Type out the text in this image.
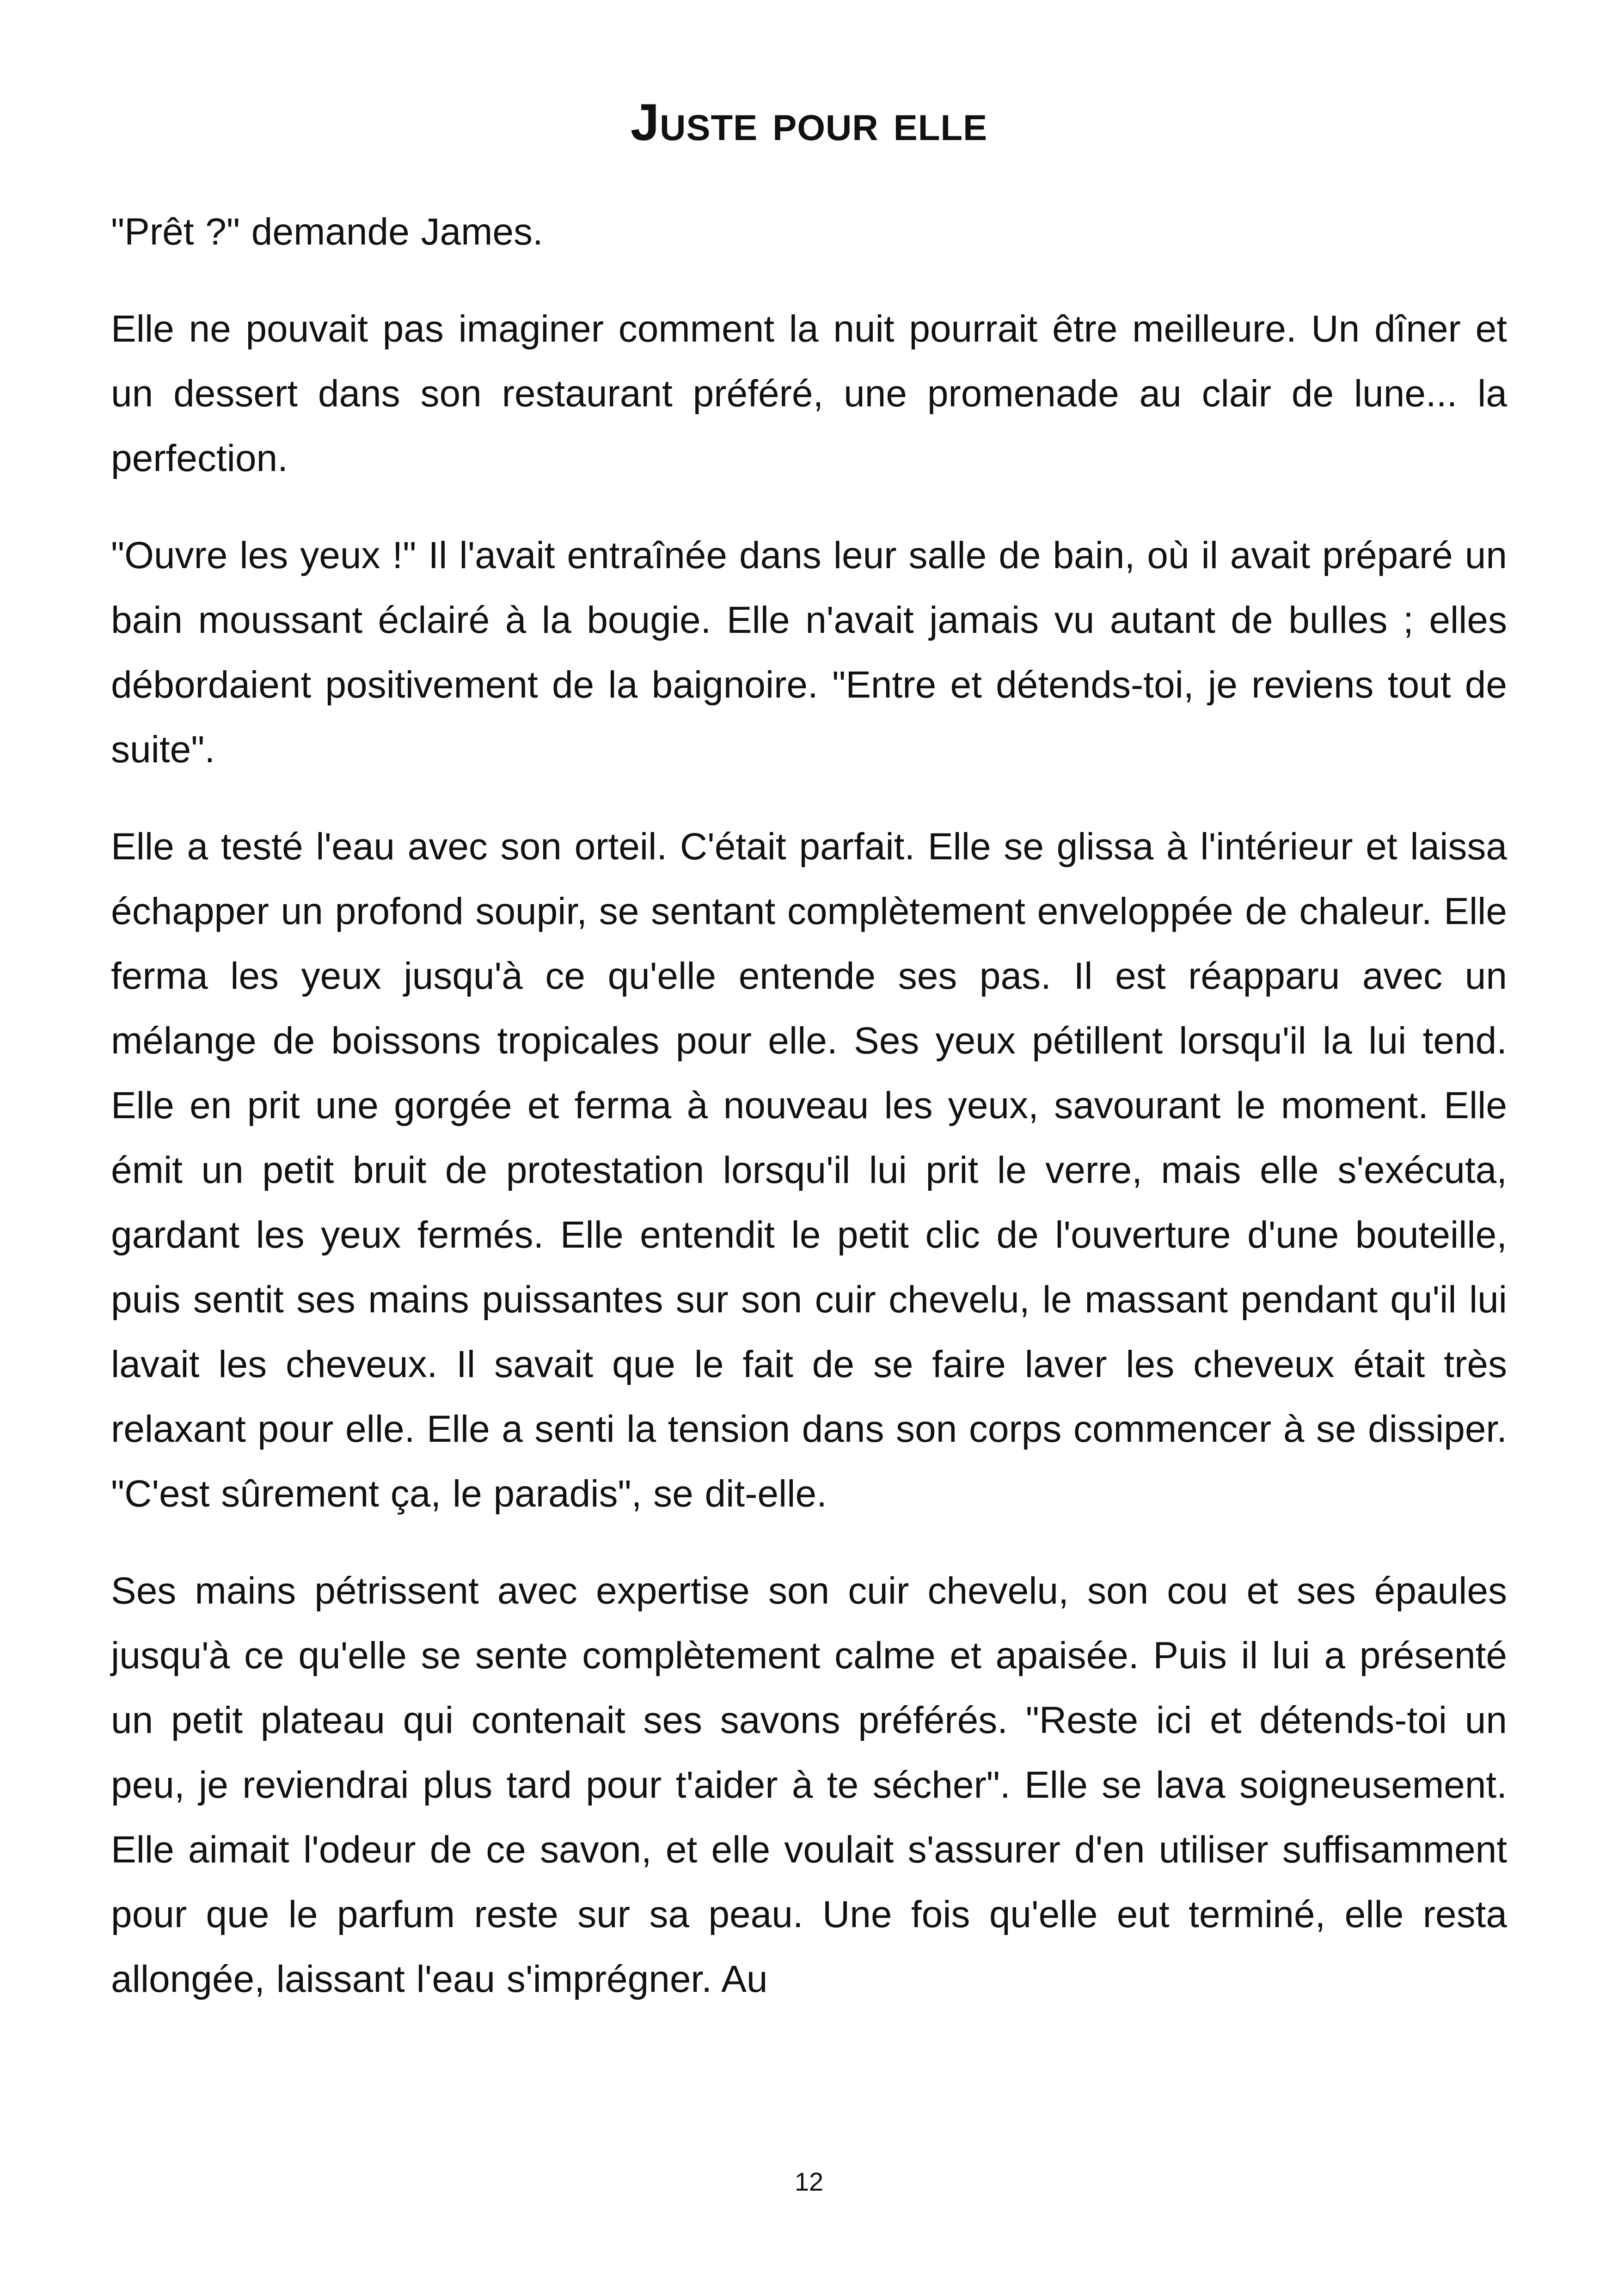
Juste pour elle

"Prêt ?" demande James.

Elle ne pouvait pas imaginer comment la nuit pourrait être meilleure. Un dîner et un dessert dans son restaurant préféré, une promenade au clair de lune... la perfection.

"Ouvre les yeux !" Il l'avait entraînée dans leur salle de bain, où il avait préparé un bain moussant éclairé à la bougie. Elle n'avait jamais vu autant de bulles ; elles débordaient positivement de la baignoire. "Entre et détends-toi, je reviens tout de suite".

Elle a testé l'eau avec son orteil. C'était parfait. Elle se glissa à l'intérieur et laissa échapper un profond soupir, se sentant complètement enveloppée de chaleur. Elle ferma les yeux jusqu'à ce qu'elle entende ses pas. Il est réapparu avec un mélange de boissons tropicales pour elle. Ses yeux pétillent lorsqu'il la lui tend. Elle en prit une gorgée et ferma à nouveau les yeux, savourant le moment. Elle émit un petit bruit de protestation lorsqu'il lui prit le verre, mais elle s'exécuta, gardant les yeux fermés. Elle entendit le petit clic de l'ouverture d'une bouteille, puis sentit ses mains puissantes sur son cuir chevelu, le massant pendant qu'il lui lavait les cheveux. Il savait que le fait de se faire laver les cheveux était très relaxant pour elle. Elle a senti la tension dans son corps commencer à se dissiper. "C'est sûrement ça, le paradis", se dit-elle.

Ses mains pétrissent avec expertise son cuir chevelu, son cou et ses épaules jusqu'à ce qu'elle se sente complètement calme et apaisée. Puis il lui a présenté un petit plateau qui contenait ses savons préférés. "Reste ici et détends-toi un peu, je reviendrai plus tard pour t'aider à te sécher". Elle se lava soigneusement. Elle aimait l'odeur de ce savon, et elle voulait s'assurer d'en utiliser suffisamment pour que le parfum reste sur sa peau. Une fois qu'elle eut terminé, elle resta allongée, laissant l'eau s'imprégner. Au

12
